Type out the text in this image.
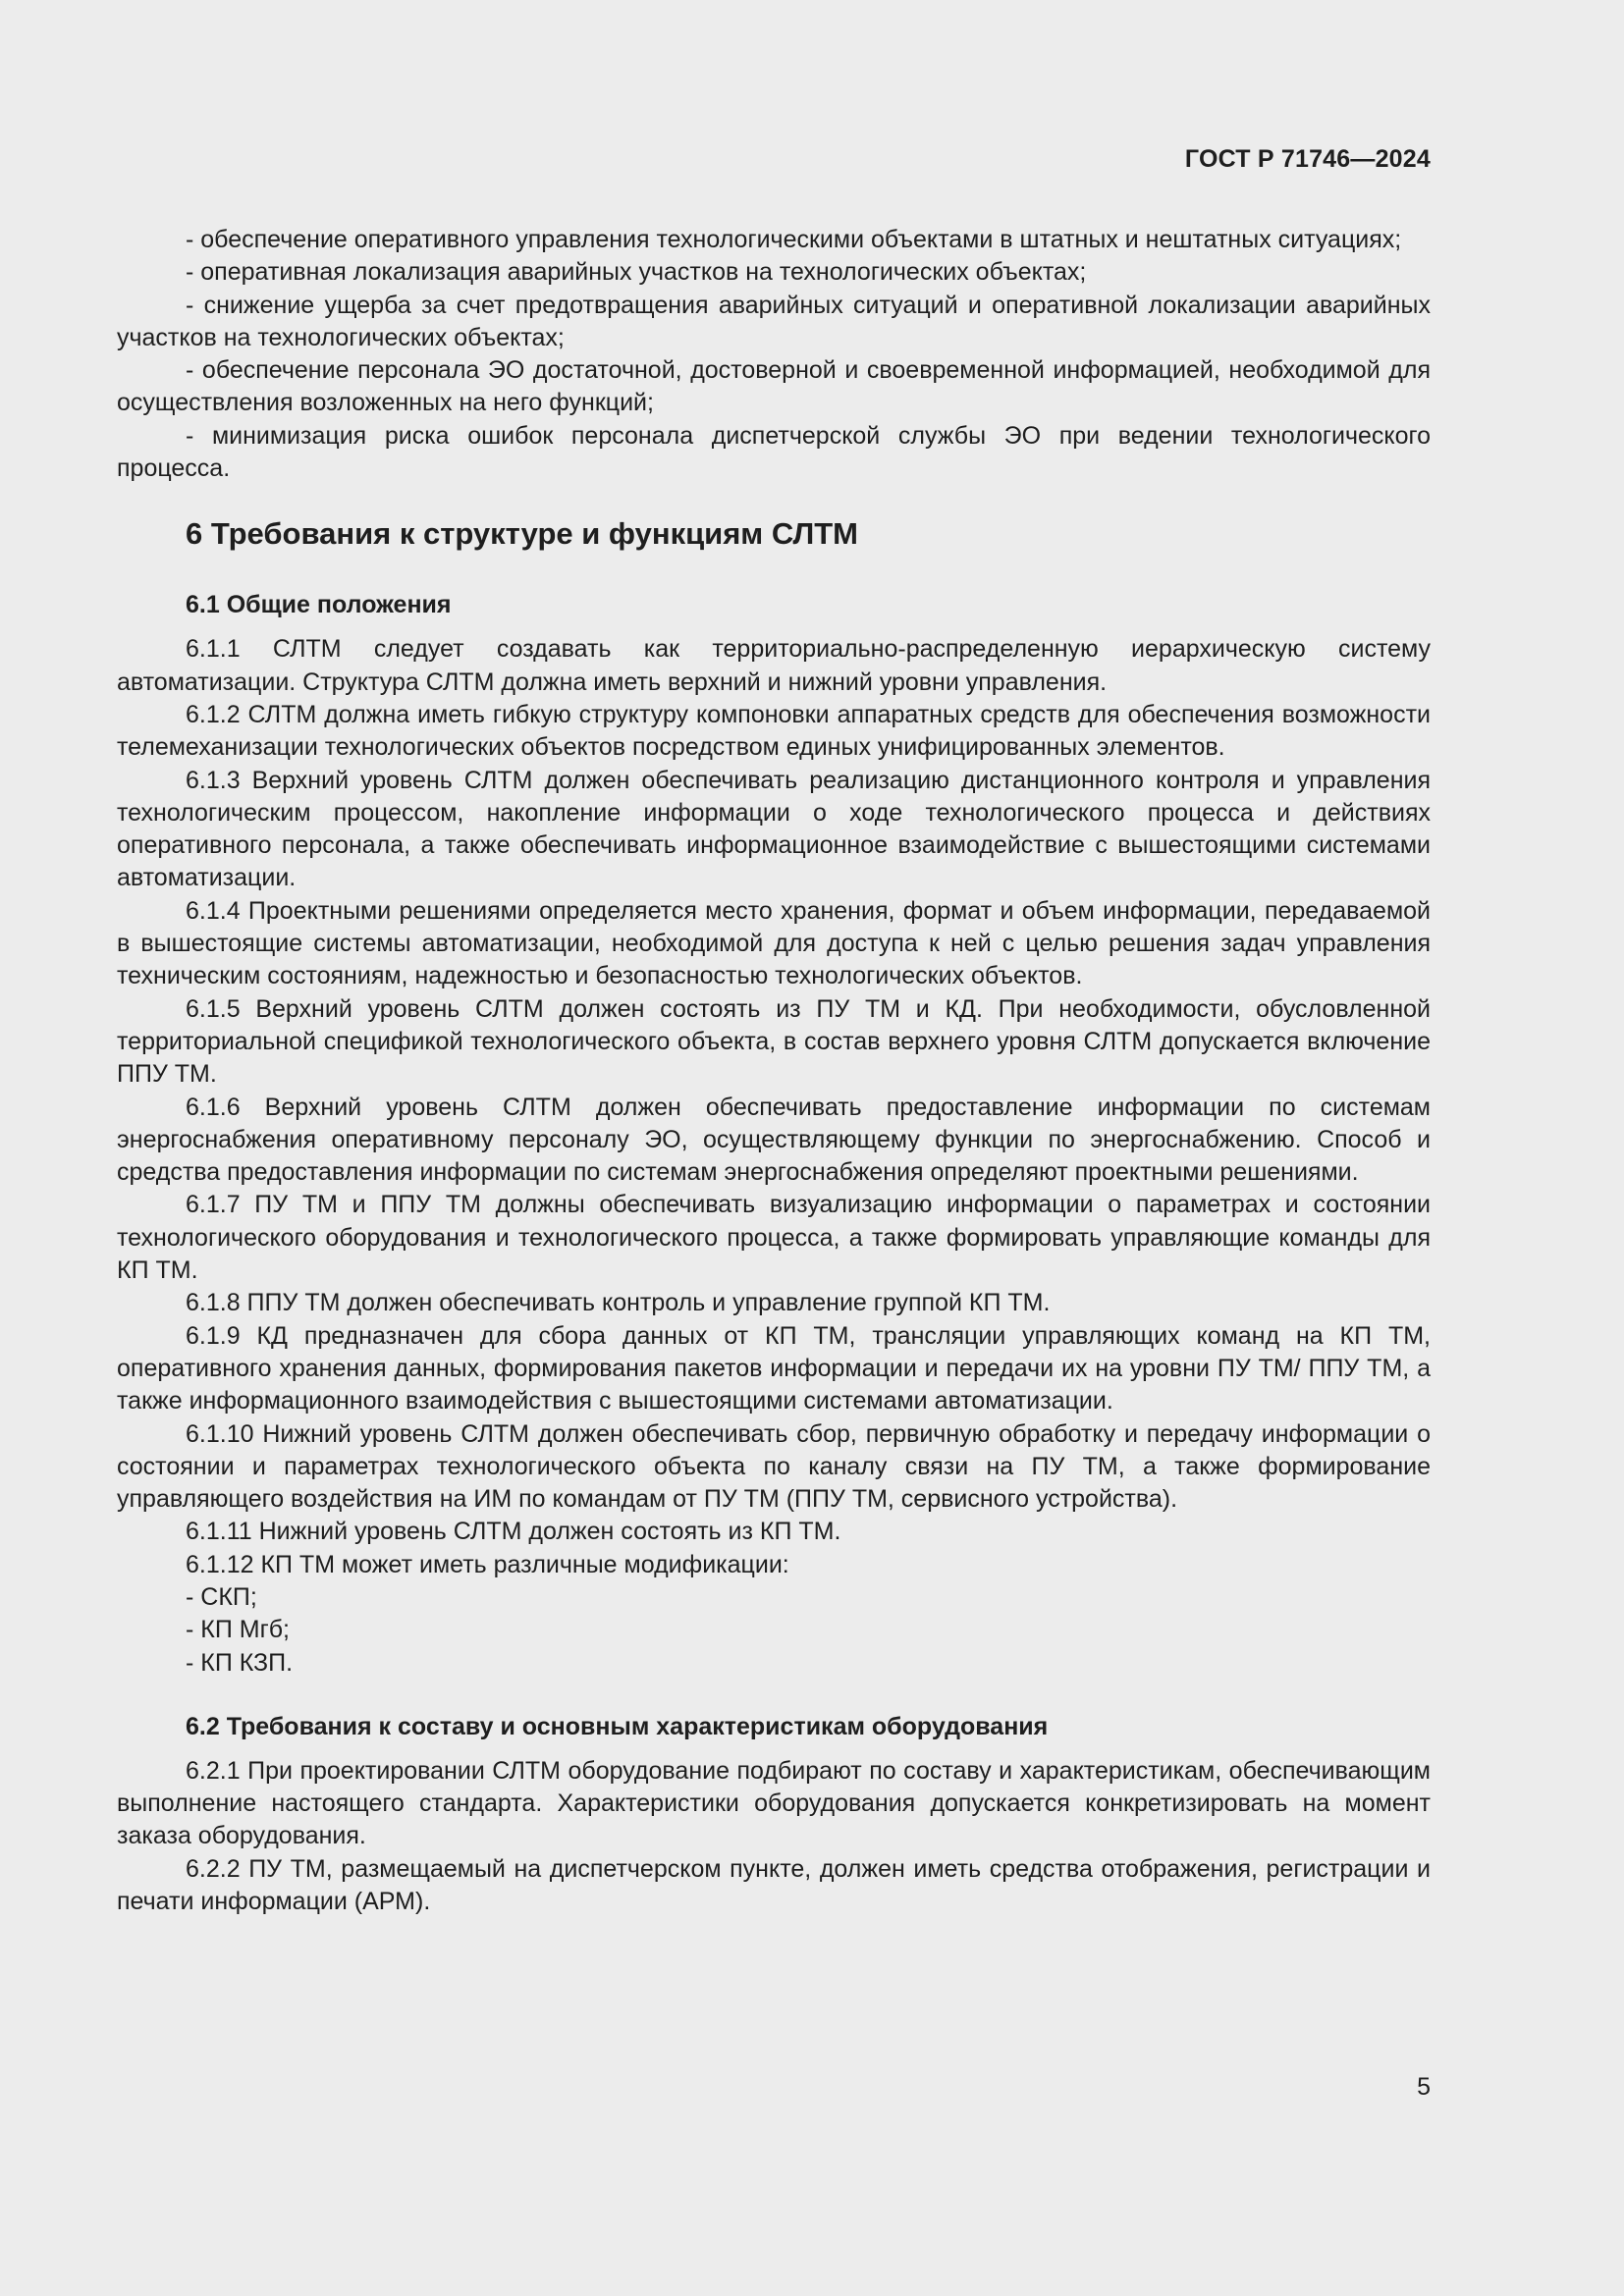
ГОСТ Р 71746—2024

- обеспечение оперативного управления технологическими объектами в штатных и нештатных ситуациях;

- оперативная локализация аварийных участков на технологических объектах;

- снижение ущерба за счет предотвращения аварийных ситуаций и оперативной локализации аварийных участков на технологических объектах;

- обеспечение персонала ЭО достаточной, достоверной и своевременной информацией, необходимой для осуществления возложенных на него функций;

- минимизация риска ошибок персонала диспетчерской службы ЭО при ведении технологического процесса.

6 Требования к структуре и функциям СЛТМ
6.1 Общие положения

6.1.1 СЛТМ следует создавать как территориально-распределенную иерархическую систему автоматизации. Структура СЛТМ должна иметь верхний и нижний уровни управления.

6.1.2 СЛТМ должна иметь гибкую структуру компоновки аппаратных средств для обеспечения возможности телемеханизации технологических объектов посредством единых унифицированных элементов.

6.1.3 Верхний уровень СЛТМ должен обеспечивать реализацию дистанционного контроля и управления технологическим процессом, накопление информации о ходе технологического процесса и действиях оперативного персонала, а также обеспечивать информационное взаимодействие с вышестоящими системами автоматизации.

6.1.4 Проектными решениями определяется место хранения, формат и объем информации, передаваемой в вышестоящие системы автоматизации, необходимой для доступа к ней с целью решения задач управления техническим состояниям, надежностью и безопасностью технологических объектов.

6.1.5 Верхний уровень СЛТМ должен состоять из ПУ ТМ и КД. При необходимости, обусловленной территориальной спецификой технологического объекта, в состав верхнего уровня СЛТМ допускается включение ППУ ТМ.

6.1.6 Верхний уровень СЛТМ должен обеспечивать предоставление информации по системам энергоснабжения оперативному персоналу ЭО, осуществляющему функции по энергоснабжению. Способ и средства предоставления информации по системам энергоснабжения определяют проектными решениями.

6.1.7 ПУ ТМ и ППУ ТМ должны обеспечивать визуализацию информации о параметрах и состоянии технологического оборудования и технологического процесса, а также формировать управляющие команды для КП ТМ.

6.1.8 ППУ ТМ должен обеспечивать контроль и управление группой КП ТМ.

6.1.9 КД предназначен для сбора данных от КП ТМ, трансляции управляющих команд на КП ТМ, оперативного хранения данных, формирования пакетов информации и передачи их на уровни ПУ ТМ/ ППУ ТМ, а также информационного взаимодействия с вышестоящими системами автоматизации.

6.1.10 Нижний уровень СЛТМ должен обеспечивать сбор, первичную обработку и передачу информации о состоянии и параметрах технологического объекта по каналу связи на ПУ ТМ, а также формирование управляющего воздействия на ИМ по командам от ПУ ТМ (ППУ ТМ, сервисного устройства).

6.1.11 Нижний уровень СЛТМ должен состоять из КП ТМ.

6.1.12 КП ТМ может иметь различные модификации:

- СКП;

- КП Мгб;

- КП КЗП.

6.2 Требования к составу и основным характеристикам оборудования

6.2.1 При проектировании СЛТМ оборудование подбирают по составу и характеристикам, обеспечивающим выполнение настоящего стандарта. Характеристики оборудования допускается конкретизировать на момент заказа оборудования.

6.2.2 ПУ ТМ, размещаемый на диспетчерском пункте, должен иметь средства отображения, регистрации и печати информации (АРМ).

5
